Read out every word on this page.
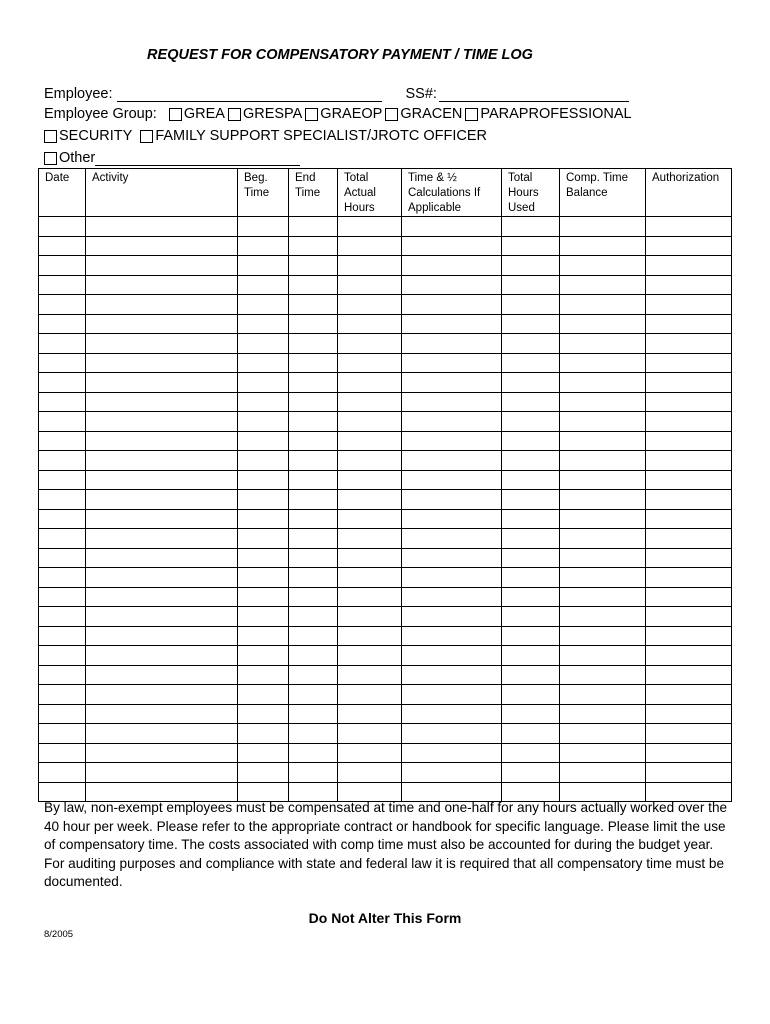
REQUEST FOR COMPENSATORY PAYMENT / TIME LOG
Employee:	SS#:
Employee Group: GREA GRESPA GRAEOP GRACEN PARAPROFESSIONAL
SECURITY FAMILY SUPPORT SPECIALIST/JROTC OFFICER
Other
Date	Activity	Beg. Time	End Time	Total Actual Hours	Time & ½ Calculations If Applicable	Total Hours Used	Comp. Time Balance	Authorization

By law, non-exempt employees must be compensated at time and one-half for any hours actually worked over the 40 hour per week. Please refer to the appropriate contract or handbook for specific language. Please limit the use of compensatory time. The costs associated with comp time must also be accounted for during the budget year. For auditing purposes and compliance with state and federal law it is required that all compensatory time must be documented.
Do Not Alter This Form
8/2005
